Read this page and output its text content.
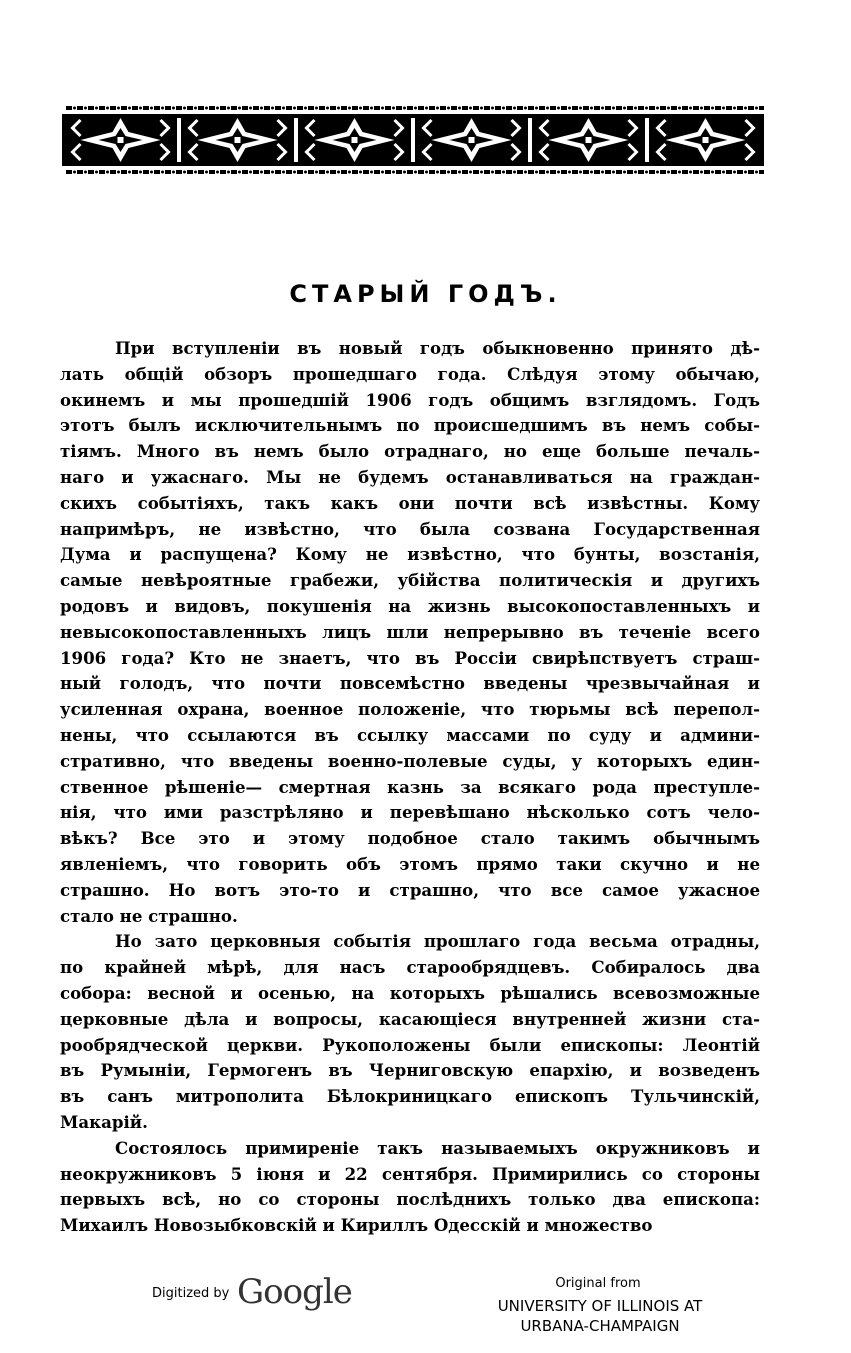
СТАРЫЙ ГОДЪ.
При вступленіи въ новый годъ обыкновенно принято дѣ-
лать общій обзоръ прошедшаго года. Слѣдуя этому обычаю,
окинемъ и мы прошедшій 1906 годъ общимъ взглядомъ. Годъ
этотъ былъ исключительнымъ по происшедшимъ въ немъ собы-
тіямъ. Много въ немъ было отраднаго, но еще больше печаль-
наго и ужаснаго. Мы не будемъ останавливаться на граждан-
скихъ событіяхъ, такъ какъ они почти всѣ извѣстны. Кому
напримѣръ, не извѣстно, что была созвана Государственная
Дума и распущена? Кому не извѣстно, что бунты, возстанія,
самые невѣроятные грабежи, убійства политическія и другихъ
родовъ и видовъ, покушенія на жизнь высокопоставленныхъ и
невысокопоставленныхъ лицъ шли непрерывно въ теченіе всего
1906 года? Кто не знаетъ, что въ Россіи свирѣпствуетъ страш-
ный голодъ, что почти повсемѣстно введены чрезвычайная и
усиленная охрана, военное положеніе, что тюрьмы всѣ перепол-
нены, что ссылаются въ ссылку массами по суду и админи-
стративно, что введены военно-полевые суды, у которыхъ един-
ственное рѣшеніе— смертная казнь за всякаго рода преступле-
нія, что ими разстрѣляно и перевѣшано нѣсколько сотъ чело-
вѣкъ? Все это и этому подобное стало такимъ обычнымъ
явленіемъ, что говорить объ этомъ прямо таки скучно и не
страшно. Но вотъ это-то и страшно, что все самое ужасное
стало не страшно.
Но зато церковныя событія прошлаго года весьма отрадны,
по крайней мѣрѣ, для насъ старообрядцевъ. Собиралось два
собора: весной и осенью, на которыхъ рѣшались всевозможные
церковные дѣла и вопросы, касающіеся внутренней жизни ста-
рообрядческой церкви. Рукоположены были епископы: Леонтій
въ Румыніи, Гермогенъ въ Черниговскую епархію, и возведенъ
въ санъ митрополита Бѣлокриницкаго епископъ Тульчинскій,
Макарій.
Состоялось примиреніе такъ называемыхъ окружниковъ и
неокружниковъ 5 іюня и 22 сентября. Примирились со стороны
первыхъ всѣ, но со стороны послѣднихъ только два епископа:
Михаилъ Новозыбковскій и Кириллъ Одесскій и множество
Digitized by Google	Original from
UNIVERSITY OF ILLINOIS AT
URBANA-CHAMPAIGN
